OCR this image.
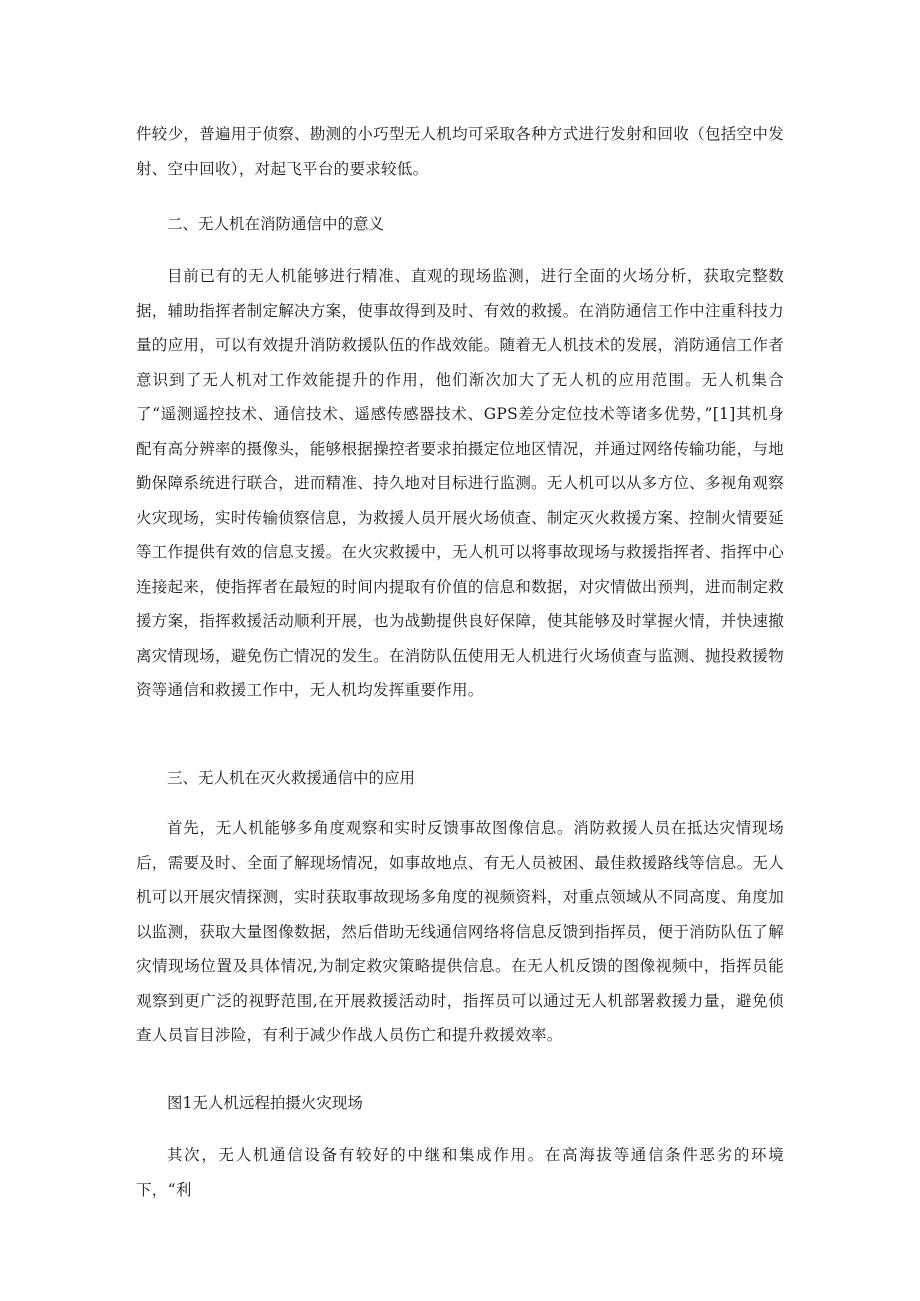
件较少，普遍用于侦察、勘测的小巧型无人机均可采取各种方式进行发射和回收（包括空中发射、空中回收），对起飞平台的要求较低。

二、无人机在消防通信中的意义

目前已有的无人机能够进行精准、直观的现场监测，进行全面的火场分析，获取完整数据，辅助指挥者制定解决方案，使事故得到及时、有效的救援。在消防通信工作中注重科技力量的应用，可以有效提升消防救援队伍的作战效能。随着无人机技术的发展，消防通信工作者意识到了无人机对工作效能提升的作用，他们渐次加大了无人机的应用范围。无人机集合了“遥测遥控技术、通信技术、遥感传感器技术、GPS差分定位技术等诸多优势，”[1]其机身配有高分辨率的摄像头，能够根据操控者要求拍摄定位地区情况，并通过网络传输功能，与地勤保障系统进行联合，进而精准、持久地对目标进行监测。无人机可以从多方位、多视角观察火灾现场，实时传输侦察信息，为救援人员开展火场侦查、制定灭火救援方案、控制火情要延等工作提供有效的信息支援。在火灾救援中，无人机可以将事故现场与救援指挥者、指挥中心连接起来，使指挥者在最短的时间内提取有价值的信息和数据，对灾情做出预判，进而制定救援方案，指挥救援活动顺利开展，也为战勤提供良好保障，使其能够及时掌握火情，并快速撤离灾情现场，避免伤亡情况的发生。在消防队伍使用无人机进行火场侦查与监测、抛投救援物资等通信和救援工作中，无人机均发挥重要作用。

三、无人机在灭火救援通信中的应用

首先，无人机能够多角度观察和实时反馈事故图像信息。消防救援人员在抵达灾情现场后，需要及时、全面了解现场情况，如事故地点、有无人员被困、最佳救援路线等信息。无人机可以开展灾情探测，实时获取事故现场多角度的视频资料，对重点领域从不同高度、角度加以监测，获取大量图像数据，然后借助无线通信网络将信息反馈到指挥员，便于消防队伍了解灾情现场位置及具体情况,为制定救灾策略提供信息。在无人机反馈的图像视频中，指挥员能观察到更广泛的视野范围,在开展救援活动时，指挥员可以通过无人机部署救援力量，避免侦查人员盲目涉险，有利于减少作战人员伤亡和提升救援效率。

图1无人机远程拍摄火灾现场

其次，无人机通信设备有较好的中继和集成作用。在高海拔等通信条件恶劣的环境下，“利
